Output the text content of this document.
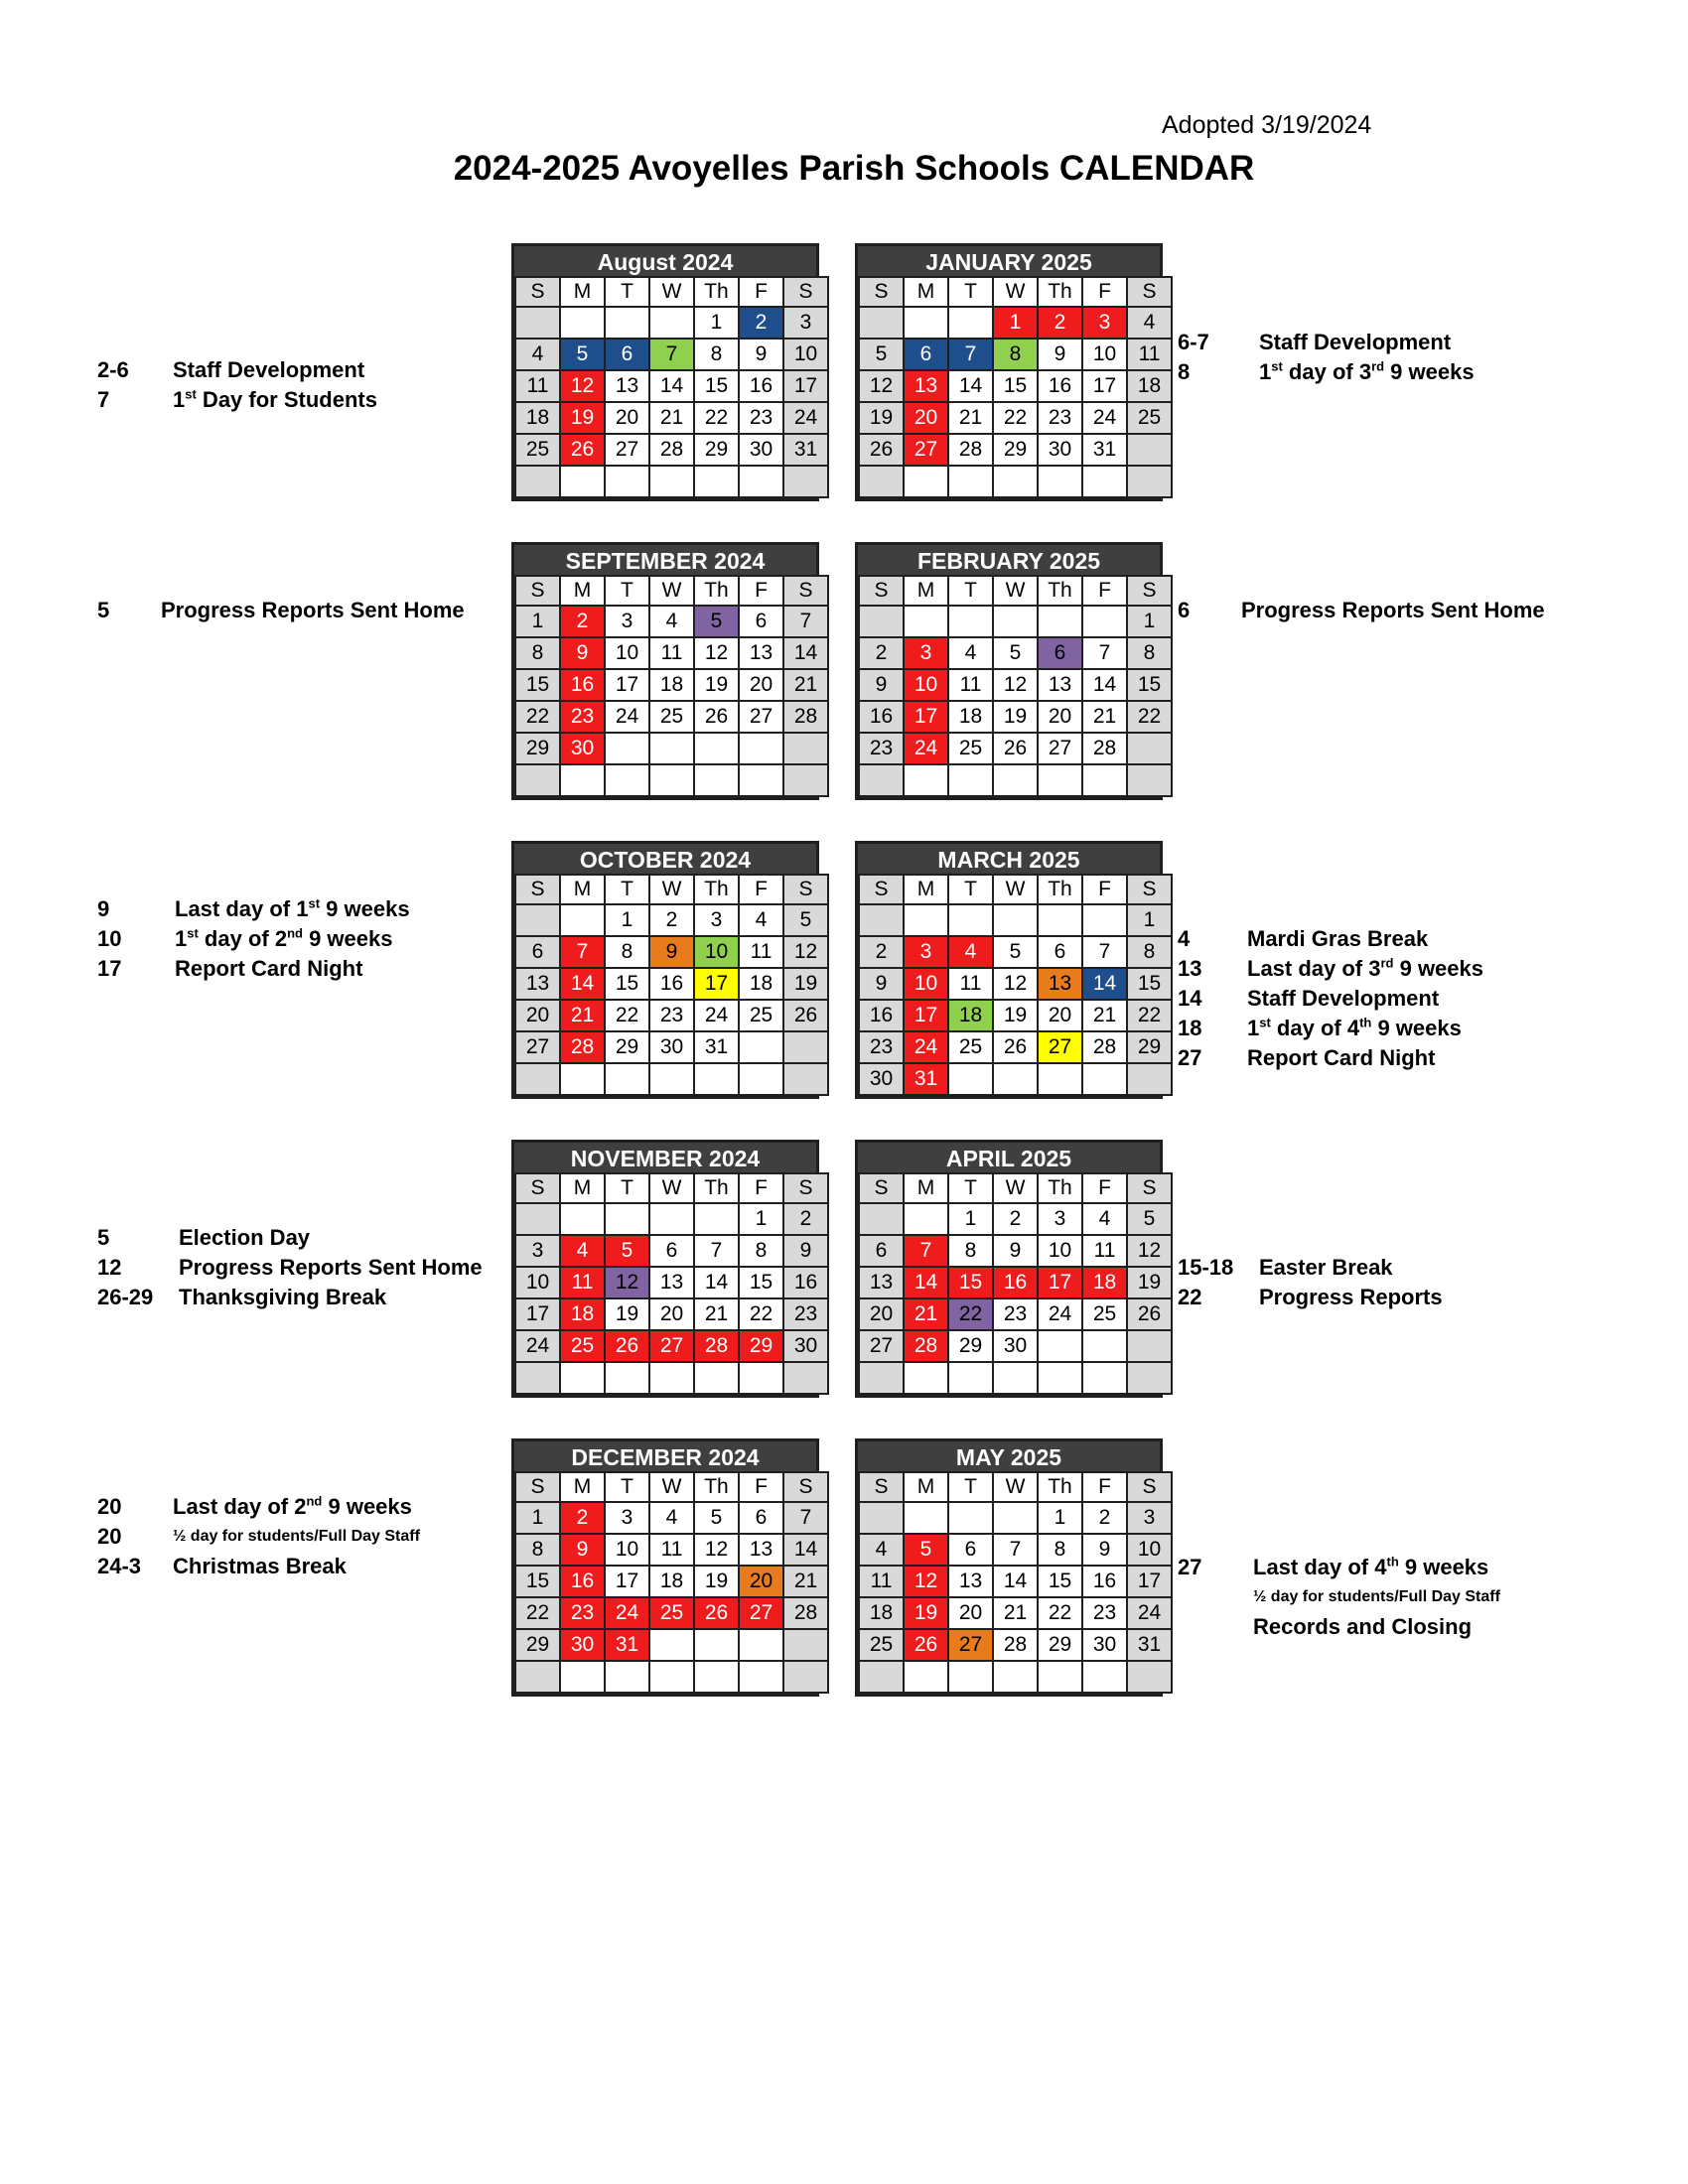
Adopted 3/19/2024
2024-2025 Avoyelles Parish Schools CALENDAR
August 2024
S	M	T	W	Th	F	S
				1	2	3
4	5	6	7	8	9	10
11	12	13	14	15	16	17
18	19	20	21	22	23	24
25	26	27	28	29	30	31

JANUARY 2025
S	M	T	W	Th	F	S
			1	2	3	4
5	6	7	8	9	10	11
12	13	14	15	16	17	18
19	20	21	22	23	24	25
26	27	28	29	30	31	

SEPTEMBER 2024
S	M	T	W	Th	F	S
1	2	3	4	5	6	7
8	9	10	11	12	13	14
15	16	17	18	19	20	21
22	23	24	25	26	27	28
29	30					

FEBRUARY 2025
S	M	T	W	Th	F	S
						1
2	3	4	5	6	7	8
9	10	11	12	13	14	15
16	17	18	19	20	21	22
23	24	25	26	27	28	

OCTOBER 2024
S	M	T	W	Th	F	S
		1	2	3	4	5
6	7	8	9	10	11	12
13	14	15	16	17	18	19
20	21	22	23	24	25	26
27	28	29	30	31		

MARCH 2025
S	M	T	W	Th	F	S
						1
2	3	4	5	6	7	8
9	10	11	12	13	14	15
16	17	18	19	20	21	22
23	24	25	26	27	28	29
30	31					
NOVEMBER 2024
S	M	T	W	Th	F	S
					1	2
3	4	5	6	7	8	9
10	11	12	13	14	15	16
17	18	19	20	21	22	23
24	25	26	27	28	29	30

APRIL 2025
S	M	T	W	Th	F	S
		1	2	3	4	5
6	7	8	9	10	11	12
13	14	15	16	17	18	19
20	21	22	23	24	25	26
27	28	29	30			

DECEMBER 2024
S	M	T	W	Th	F	S
1	2	3	4	5	6	7
8	9	10	11	12	13	14
15	16	17	18	19	20	21
22	23	24	25	26	27	28
29	30	31				

MAY 2025
S	M	T	W	Th	F	S
				1	2	3
4	5	6	7	8	9	10
11	12	13	14	15	16	17
18	19	20	21	22	23	24
25	26	27	28	29	30	31

2-6 Staff Development
7	1st Day for Students
6-7 Staff Development
8	1st day of 3rd 9 weeks
5 Progress Reports Sent Home	6 Progress Reports Sent Home
9	Last day of 1st 9 weeks
10 1st day of 2nd 9 weeks
17 Report Card Night
4	Mardi Gras Break
13 Last day of 3rd 9 weeks
14 Staff Development
18 1st day of 4th 9 weeks
27 Report Card Night
5	Election Day
12	Progress Reports Sent Home
26-29 Thanksgiving Break
15-18 Easter Break
22	Progress Reports
20 Last day of 2nd 9 weeks
20	½ day for students/Full Day Staff
24-3 Christmas Break	27 Last day of 4th 9 weeks
½ day for students/Full Day Staff
Records and Closing
